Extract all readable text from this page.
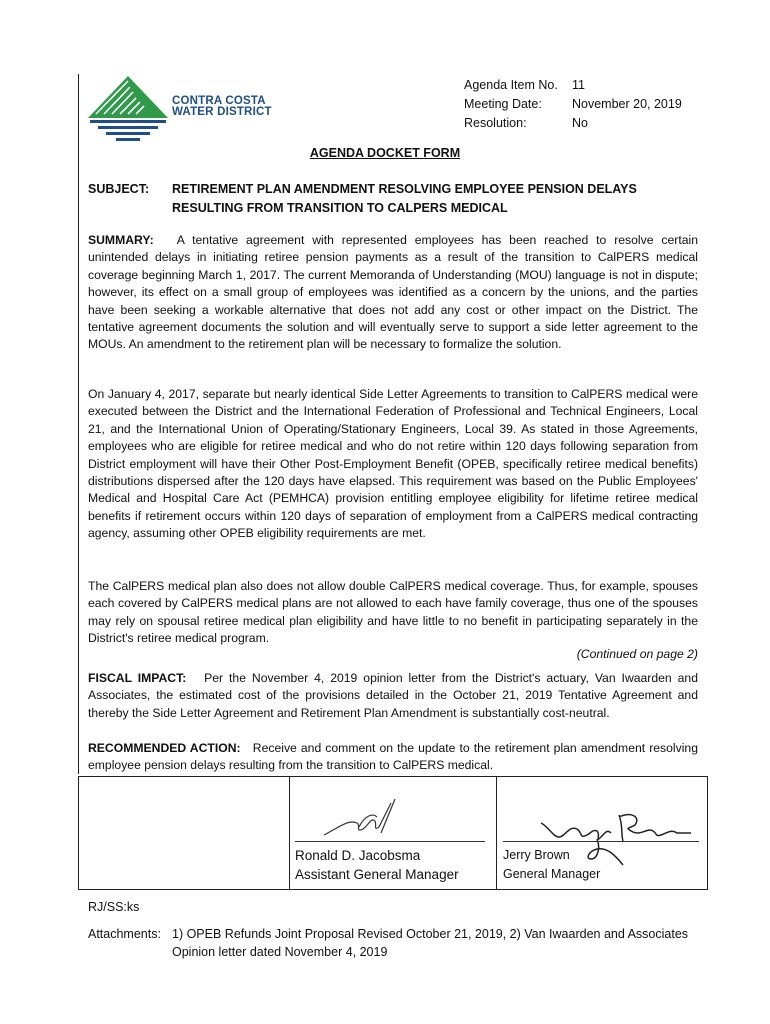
CONTRA COSTA
WATER DISTRICT
Agenda Item No.	11
Meeting Date:	November 20, 2019
Resolution:	No
AGENDA DOCKET FORM
SUBJECT:	RETIREMENT PLAN AMENDMENT RESOLVING EMPLOYEE PENSION DELAYS RESULTING FROM TRANSITION TO CALPERS MEDICAL
SUMMARY: A tentative agreement with represented employees has been reached to resolve certain unintended delays in initiating retiree pension payments as a result of the transition to CalPERS medical coverage beginning March 1, 2017. The current Memoranda of Understanding (MOU) language is not in dispute; however, its effect on a small group of employees was identified as a concern by the unions, and the parties have been seeking a workable alternative that does not add any cost or other impact on the District. The tentative agreement documents the solution and will eventually serve to support a side letter agreement to the MOUs. An amendment to the retirement plan will be necessary to formalize the solution.
On January 4, 2017, separate but nearly identical Side Letter Agreements to transition to CalPERS medical were executed between the District and the International Federation of Professional and Technical Engineers, Local 21, and the International Union of Operating/Stationary Engineers, Local 39. As stated in those Agreements, employees who are eligible for retiree medical and who do not retire within 120 days following separation from District employment will have their Other Post-Employment Benefit (OPEB, specifically retiree medical benefits) distributions dispersed after the 120 days have elapsed. This requirement was based on the Public Employees' Medical and Hospital Care Act (PEMHCA) provision entitling employee eligibility for lifetime retiree medical benefits if retirement occurs within 120 days of separation of employment from a CalPERS medical contracting agency, assuming other OPEB eligibility requirements are met.
The CalPERS medical plan also does not allow double CalPERS medical coverage. Thus, for example, spouses each covered by CalPERS medical plans are not allowed to each have family coverage, thus one of the spouses may rely on spousal retiree medical plan eligibility and have little to no benefit in participating separately in the District's retiree medical program.
(Continued on page 2)
FISCAL IMPACT: Per the November 4, 2019 opinion letter from the District's actuary, Van Iwaarden and Associates, the estimated cost of the provisions detailed in the October 21, 2019 Tentative Agreement and thereby the Side Letter Agreement and Retirement Plan Amendment is substantially cost-neutral.
RECOMMENDED ACTION: Receive and comment on the update to the retirement plan amendment resolving employee pension delays resulting from the transition to CalPERS medical.
Ronald D. Jacobsma
Assistant General Manager
Jerry Brown
General Manager
RJ/SS:ks
Attachments: 1) OPEB Refunds Joint Proposal Revised October 21, 2019, 2) Van Iwaarden and Associates Opinion letter dated November 4, 2019
